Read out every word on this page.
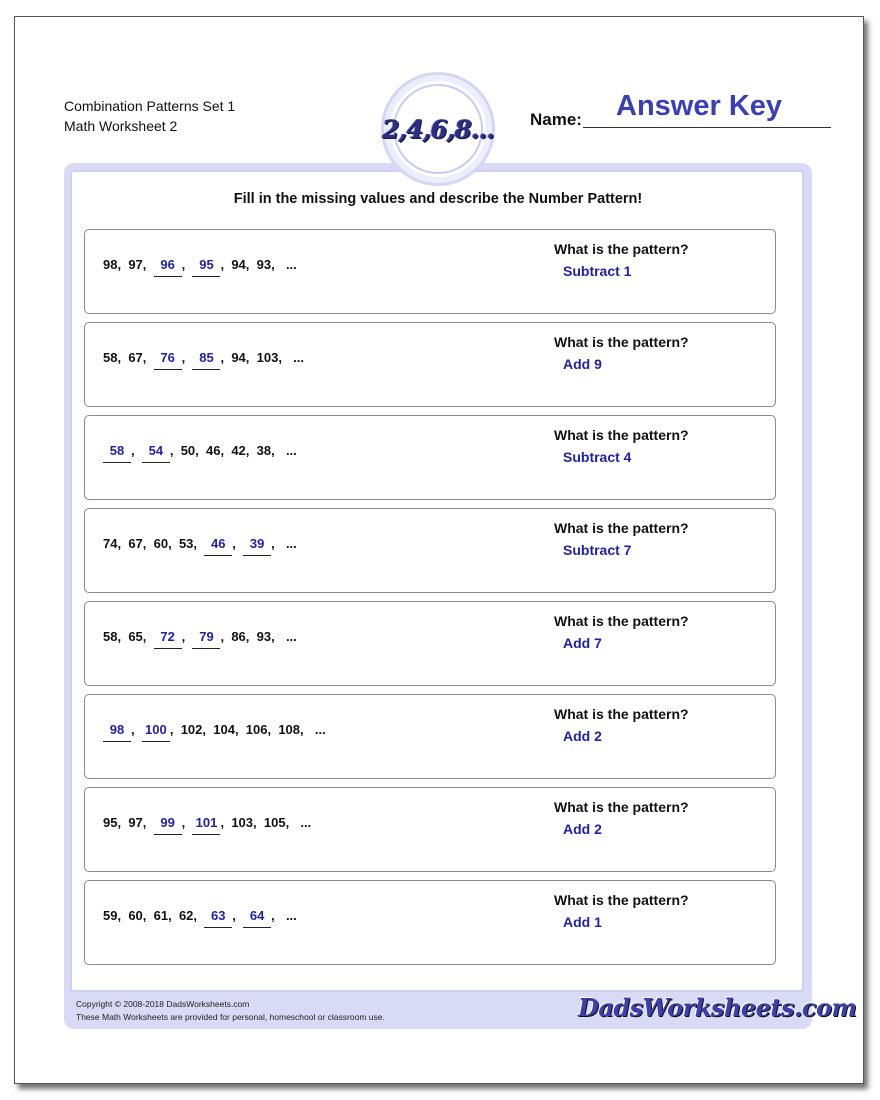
Combination Patterns Set 1
Math Worksheet 2	2,4,6,8... Name: Answer Key
Fill in the missing values and describe the Number Pattern!
98 , 97 , 96 , 95 , 94 , 93 , ...
What is the pattern?
Subtract 1
58 , 67 , 76 , 85 , 94 , 103 , ...
What is the pattern?
Add 9
58 , 54 , 50 , 46 , 42 , 38 , ...
What is the pattern?
Subtract 4
74 , 67 , 60 , 53 , 46 , 39 , ...
What is the pattern?
Subtract 7
58 , 65 , 72 , 79 , 86 , 93 , ...
What is the pattern?
Add 7
98 , 100 , 102 , 104 , 106 , 108 , ...
What is the pattern?
Add 2
95 , 97 , 99 , 101 , 103 , 105 , ...
What is the pattern?
Add 2
59 , 60 , 61 , 62 , 63 , 64 , ...
What is the pattern?
Add 1
Copyright © 2008-2018 DadsWorksheets.com
These Math Worksheets are provided for personal, homeschool or classroom use.	DadsWorksheets.com
